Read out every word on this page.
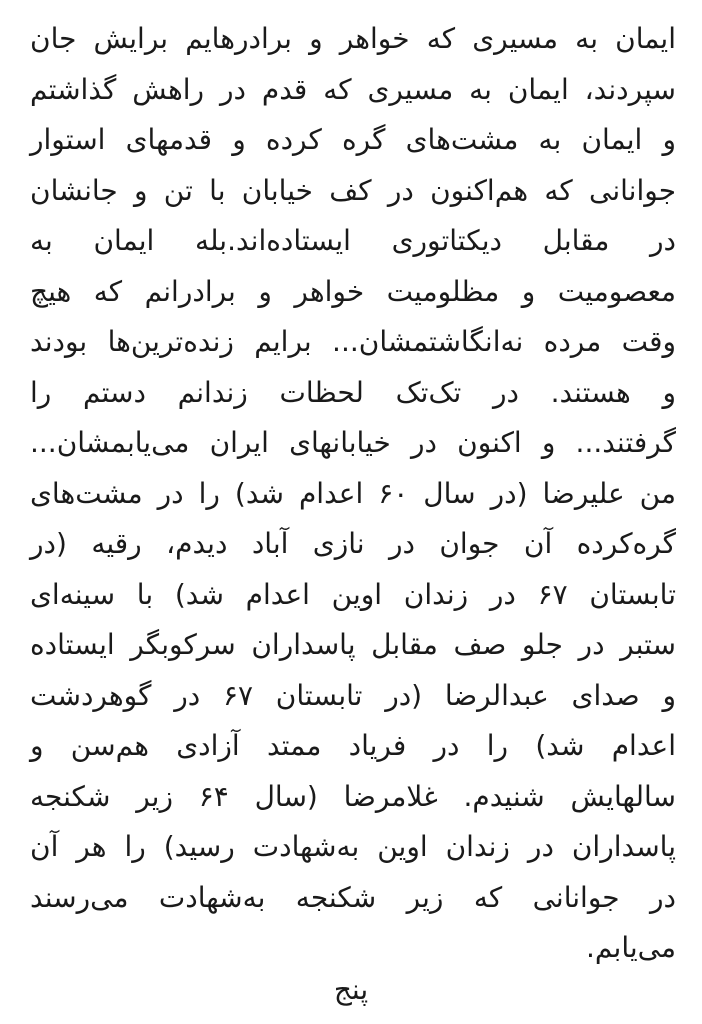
ایمان به مسیری که خواهر و برادرهایم برایش جان
سپردند، ایمان به مسیری که قدم در راهش گذاشتم
و ایمان به مشت‌های گره کرده و قدمهای استوار
جوانانی که هم‌اکنون در کف خیابان با تن و جانشان
در مقابل دیکتاتوری ایستاده‌اند.بله ایمان به
معصومیت و مظلومیت خواهر و برادرانم که هیچ
وقت مرده نه‌انگاشتمشان... برایم زنده‌ترین‌ها بودند
و هستند. در تک‌تک لحظات زندانم دستم را
گرفتند... و اکنون در خیابانهای ایران می‌یابمشان...
من علیرضا (در سال ۶۰ اعدام شد) را در مشت‌های
گره‌کرده آن جوان در نازی آباد دیدم، رقیه (در
تابستان ۶۷ در زندان اوین اعدام شد) با سینه‌ای
ستبر در جلو صف مقابل پاسداران سرکوبگر ایستاده
و صدای عبدالرضا (در تابستان ۶۷ در گوهردشت
اعدام شد) را در فریاد ممتد آزادی هم‌سن و
سالهایش شنیدم. غلامرضا (سال ۶۴ زیر شکنجه
پاسداران در زندان اوین به‌شهادت رسید) را هر آن
در جوانانی که زیر شکنجه به‌شهادت می‌رسند
می‌یابم.
پنج
